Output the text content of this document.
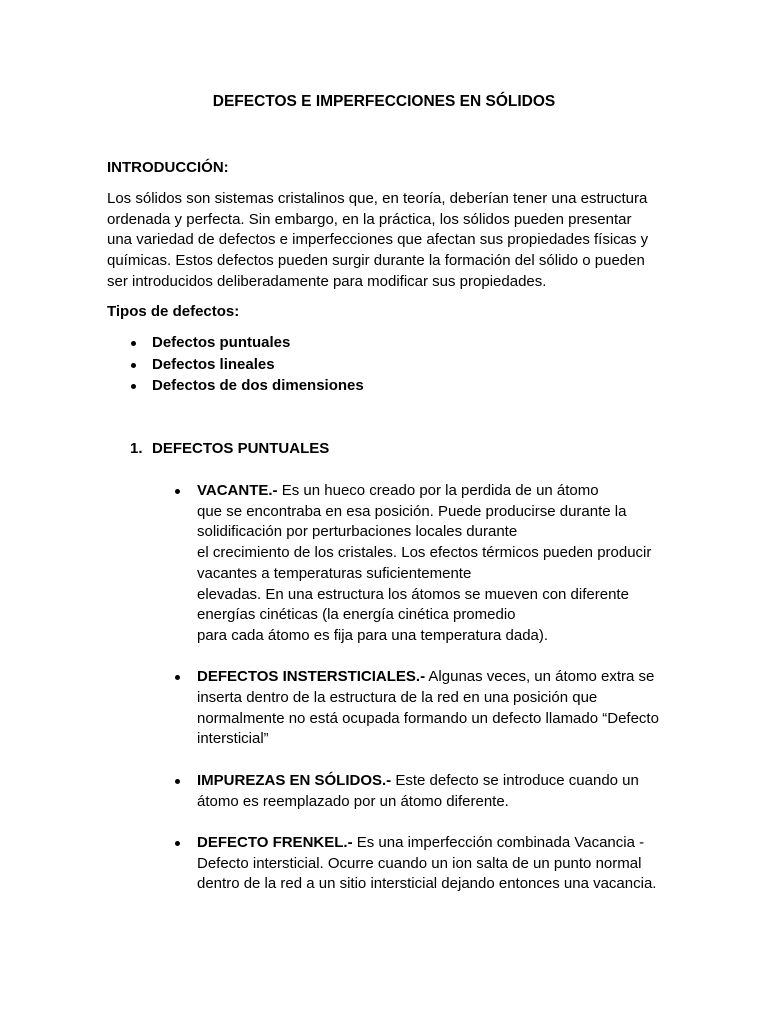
DEFECTOS E IMPERFECCIONES EN SÓLIDOS
INTRODUCCIÓN:
Los sólidos son sistemas cristalinos que, en teoría, deberían tener una estructura
ordenada y perfecta. Sin embargo, en la práctica, los sólidos pueden presentar
una variedad de defectos e imperfecciones que afectan sus propiedades físicas y
químicas. Estos defectos pueden surgir durante la formación del sólido o pueden
ser introducidos deliberadamente para modificar sus propiedades.
Tipos de defectos:
Defectos puntuales
Defectos lineales
Defectos de dos dimensiones
1. DEFECTOS PUNTUALES
VACANTE.- Es un hueco creado por la perdida de un átomo
que se encontraba en esa posición. Puede producirse durante la
solidificación por perturbaciones locales durante
el crecimiento de los cristales. Los efectos térmicos pueden producir
vacantes a temperaturas suficientemente
elevadas. En una estructura los átomos se mueven con diferente
energías cinéticas (la energía cinética promedio
para cada átomo es fija para una temperatura dada).
DEFECTOS INSTERSTICIALES.- Algunas veces, un átomo extra se
inserta dentro de la estructura de la red en una posición que
normalmente no está ocupada formando un defecto llamado “Defecto
intersticial”
IMPUREZAS EN SÓLIDOS.- Este defecto se introduce cuando un
átomo es reemplazado por un átomo diferente.
DEFECTO FRENKEL.- Es una imperfección combinada Vacancia -
Defecto intersticial. Ocurre cuando un ion salta de un punto normal
dentro de la red a un sitio intersticial dejando entonces una vacancia.
